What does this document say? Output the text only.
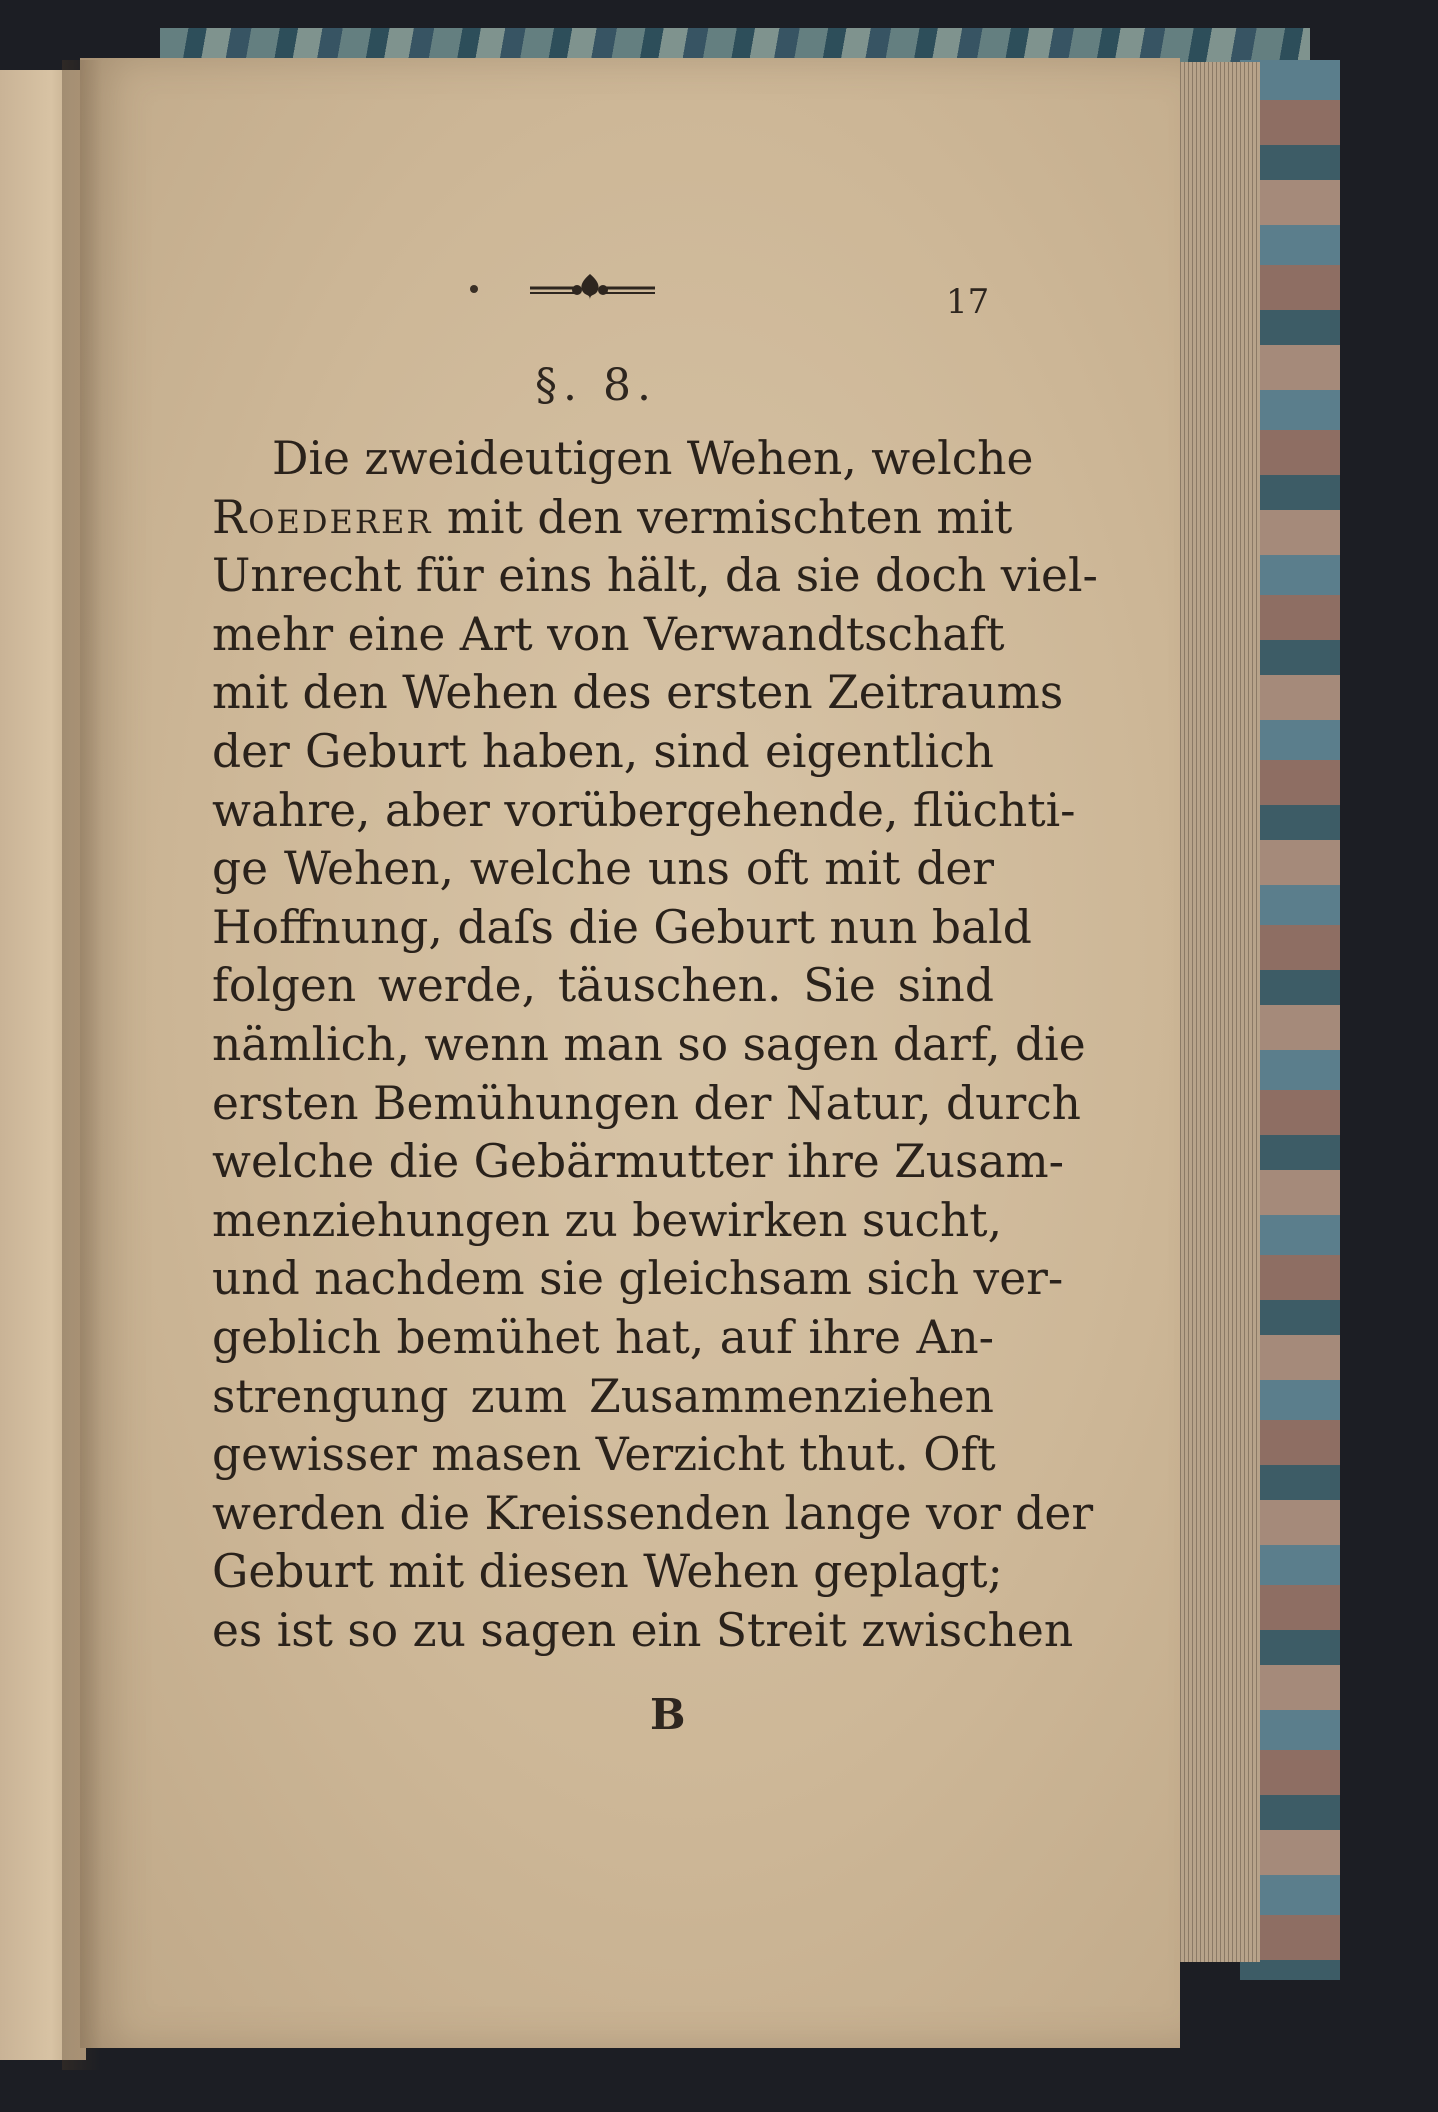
17
§. 8.
Die zweideutigen Wehen, welche
Roederer mit den vermischten mit
Unrecht für eins hält, da sie doch viel-
mehr eine Art von Verwandtschaft
mit den Wehen des ersten Zeitraums
der Geburt haben, sind eigentlich
wahre, aber vorübergehende, flüchti-
ge Wehen, welche uns oft mit der
Hoffnung, daſs die Geburt nun bald
folgen werde, täuschen. Sie sind
nämlich, wenn man so sagen darf, die
ersten Bemühungen der Natur, durch
welche die Gebärmutter ihre Zusam-
menziehungen zu bewirken sucht,
und nachdem sie gleichsam sich ver-
geblich bemühet hat, auf ihre An-
strengung zum Zusammenziehen
gewisser masen Verzicht thut. Oft
werden die Kreissenden lange vor der
Geburt mit diesen Wehen geplagt;
es ist so zu sagen ein Streit zwischen
B
